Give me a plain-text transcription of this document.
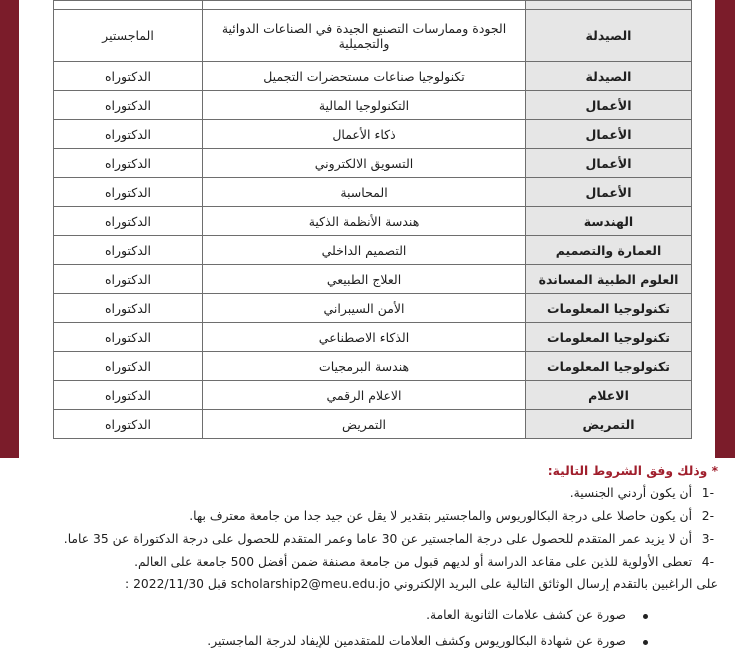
الصيدلة	الجودة وممارسات التصنيع الجيدة في الصناعات الدوائية والتجميلية	الماجستير
الصيدلة	تكنولوجيا صناعات مستحضرات التجميل	الدكتوراه
الأعمال	التكنولوجيا المالية	الدكتوراه
الأعمال	ذكاء الأعمال	الدكتوراه
الأعمال	التسويق الالكتروني	الدكتوراه
الأعمال	المحاسبة	الدكتوراه
الهندسة	هندسة الأنظمة الذكية	الدكتوراه
العمارة والتصميم	التصميم الداخلي	الدكتوراه
العلوم الطبية المساندة	العلاج الطبيعي	الدكتوراه
تكنولوجيا المعلومات	الأمن السيبراني	الدكتوراه
تكنولوجيا المعلومات	الذكاء الاصطناعي	الدكتوراه
تكنولوجيا المعلومات	هندسة البرمجيات	الدكتوراه
الاعلام	الاعلام الرقمي	الدكتوراه
التمريض	التمريض	الدكتوراه
* وذلك وفق الشروط التالية:
-1أن يكون أردني الجنسية.
-2أن يكون حاصلا على درجة البكالوريوس والماجستير بتقدير لا يقل عن جيد جدا من جامعة معترف بها.
-3أن لا يزيد عمر المتقدم للحصول على درجة الماجستير عن 30 عاما وعمر المتقدم للحصول على درجة الدكتوراة عن 35 عاما.
-4تعطى الأولوية للذين على مقاعد الدراسة أو لديهم قبول من جامعة مصنفة ضمن أفضل 500 جامعة على العالم.

على الراغبين بالتقدم إرسال الوثائق التالية على البريد الإلكتروني scholarship2@meu.edu.jo قبل 2022/11/30 :

صورة عن كشف علامات الثانوية العامة.
صورة عن شهادة البكالوريوس وكشف العلامات للمتقدمين للإيفاد لدرجة الماجستير.
